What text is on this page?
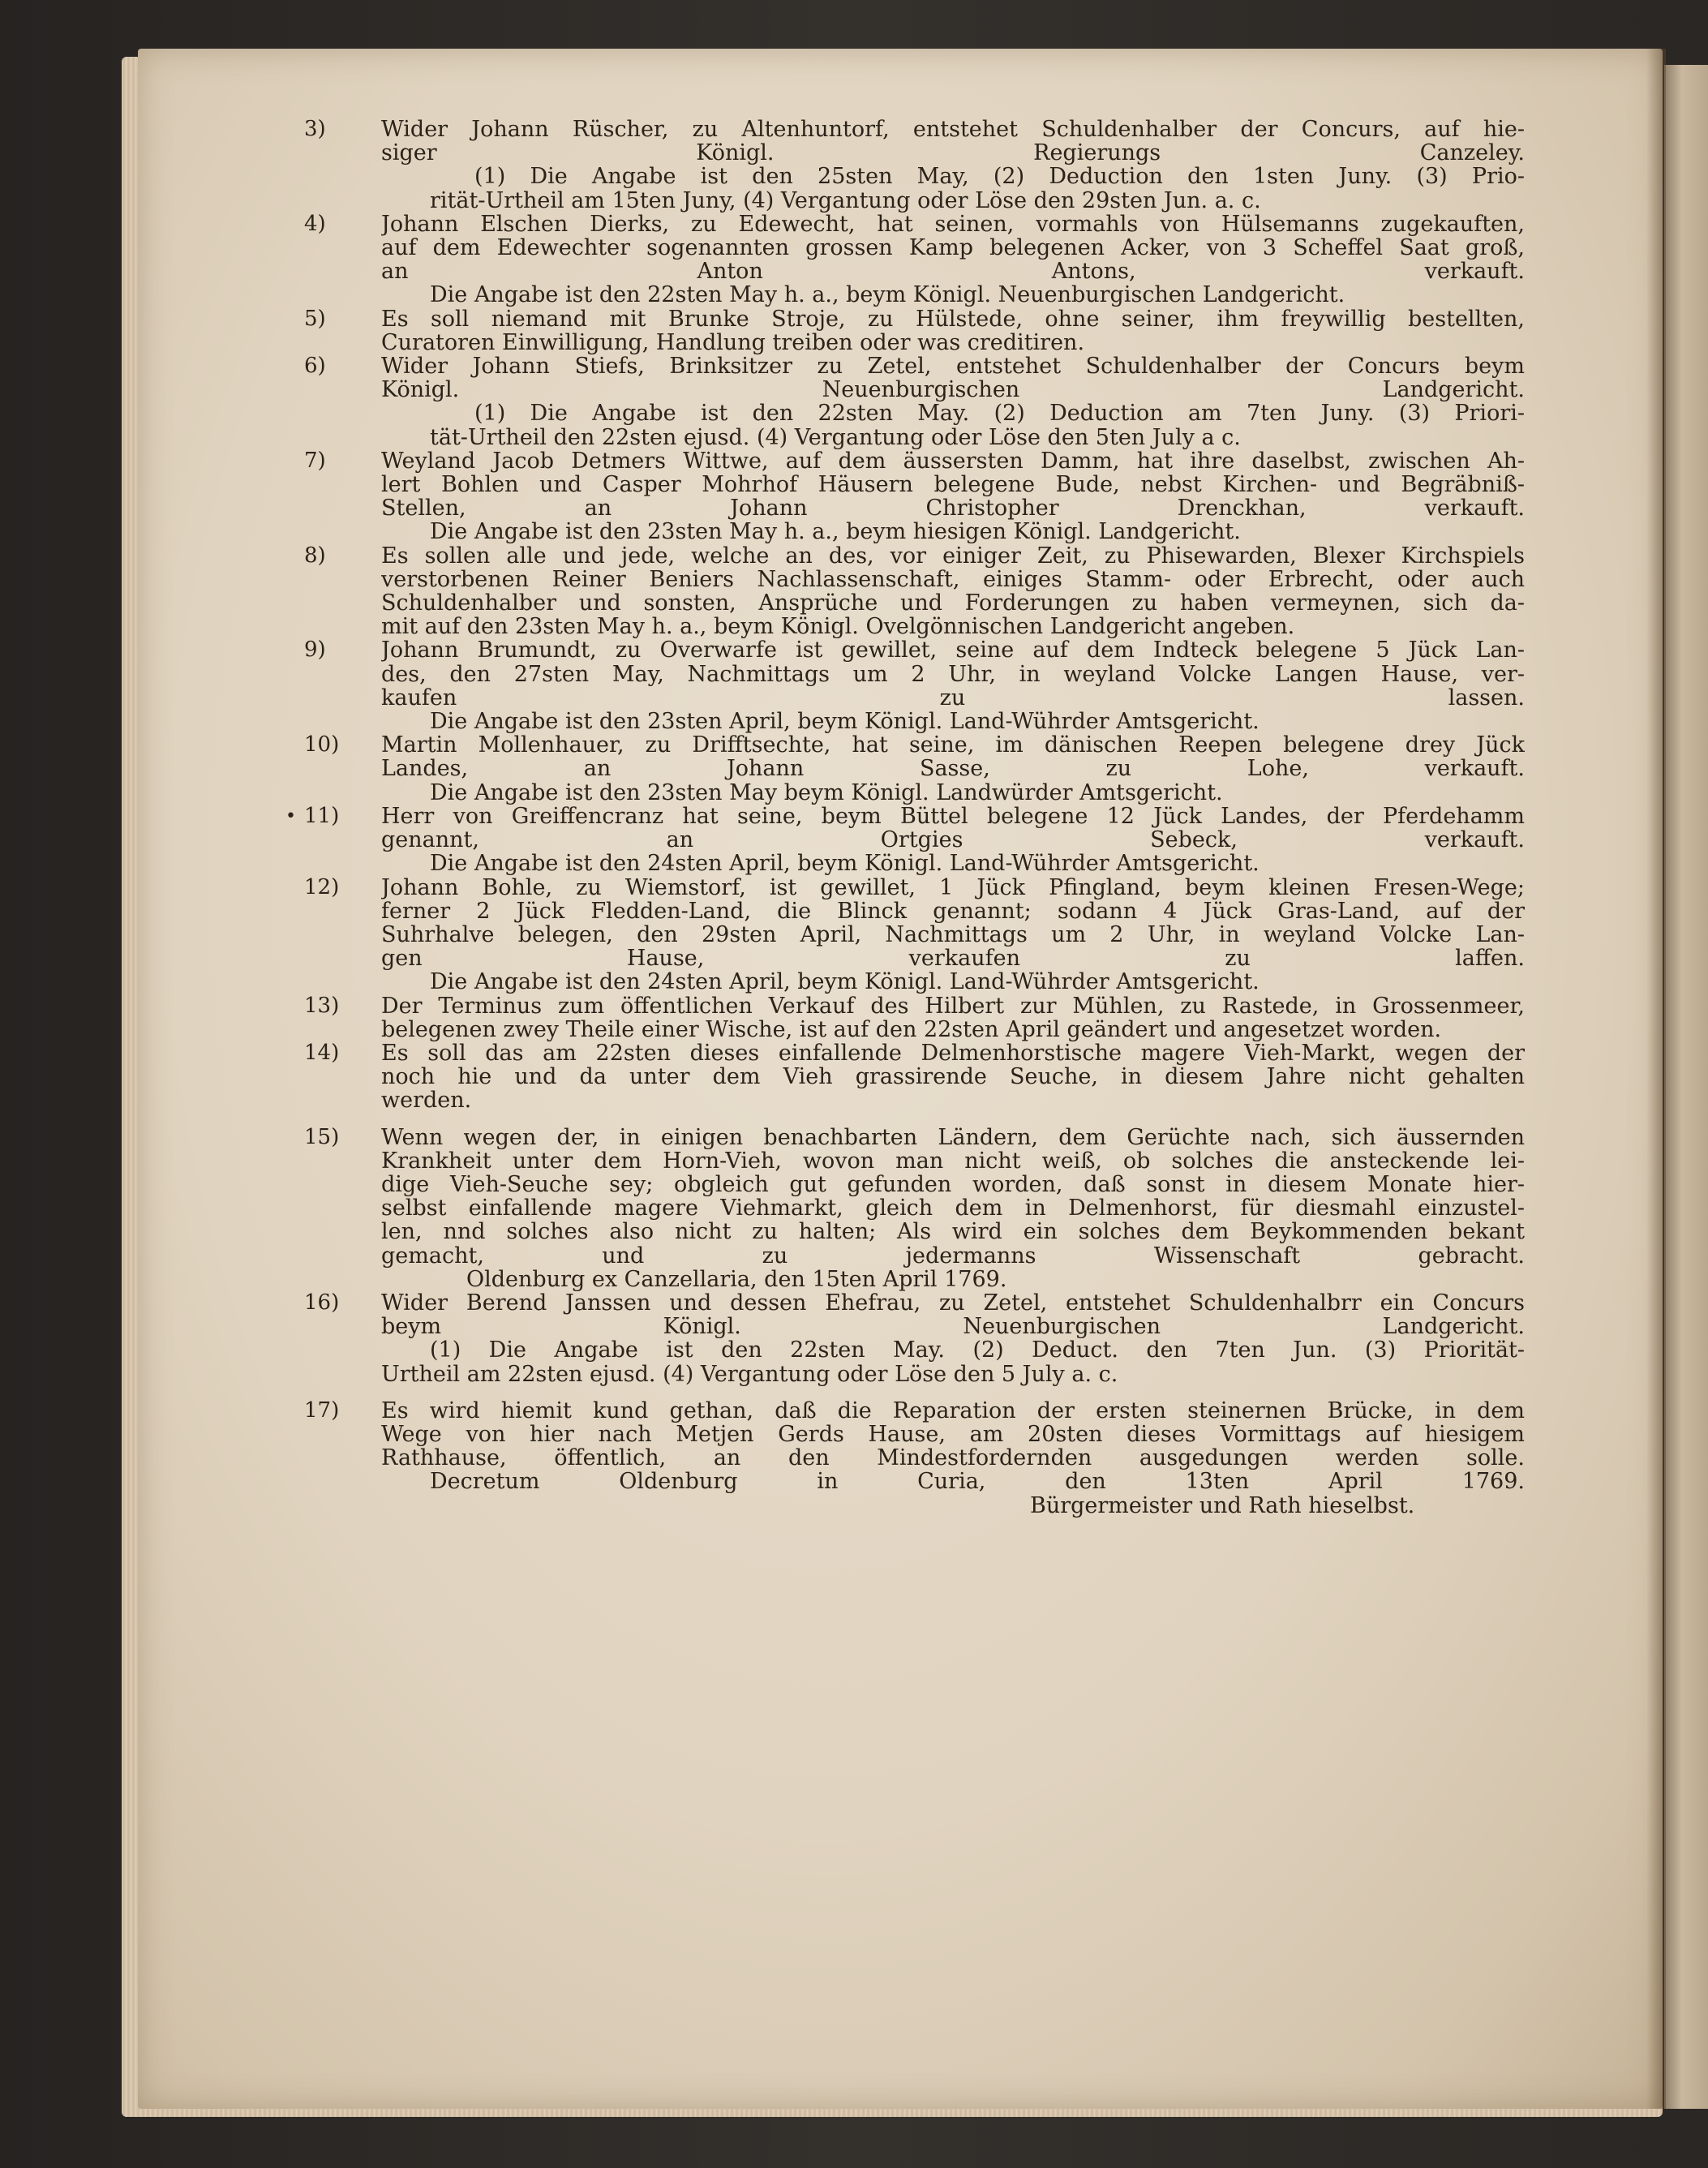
3)	Wider Johann Rüscher, zu Altenhuntorf, entstehet Schuldenhalber der Concurs, auf hie-
siger Königl. Regierungs Canzeley.
(1) Die Angabe ist den 25sten May, (2) Deduction den 1sten Juny. (3) Prio-
rität-Urtheil am 15ten Juny, (4) Vergantung oder Löse den 29sten Jun. a. c.
4)	Johann Elschen Dierks, zu Edewecht, hat seinen, vormahls von Hülsemanns zugekauften,
auf dem Edewechter sogenannten grossen Kamp belegenen Acker, von 3 Scheffel Saat groß,
an Anton Antons, verkauft.
Die Angabe ist den 22sten May h. a., beym Königl. Neuenburgischen Landgericht.
5)	Es soll niemand mit Brunke Stroje, zu Hülstede, ohne seiner, ihm freywillig bestellten,
Curatoren Einwilligung, Handlung treiben oder was creditiren.
6)	Wider Johann Stiefs, Brinksitzer zu Zetel, entstehet Schuldenhalber der Concurs beym
Königl. Neuenburgischen Landgericht.
(1) Die Angabe ist den 22sten May. (2) Deduction am 7ten Juny. (3) Priori-
tät-Urtheil den 22sten ejusd. (4) Vergantung oder Löse den 5ten July a c.
7)	Weyland Jacob Detmers Wittwe, auf dem äussersten Damm, hat ihre daselbst, zwischen Ah-
lert Bohlen und Casper Mohrhof Häusern belegene Bude, nebst Kirchen- und Begräbniß-
Stellen, an Johann Christopher Drenckhan, verkauft.
Die Angabe ist den 23sten May h. a., beym hiesigen Königl. Landgericht.
8)	Es sollen alle und jede, welche an des, vor einiger Zeit, zu Phisewarden, Blexer Kirchspiels
verstorbenen Reiner Beniers Nachlassenschaft, einiges Stamm- oder Erbrecht, oder auch
Schuldenhalber und sonsten, Ansprüche und Forderungen zu haben vermeynen, sich da-
mit auf den 23sten May h. a., beym Königl. Ovelgönnischen Landgericht angeben.
9)	Johann Brumundt, zu Overwarfe ist gewillet, seine auf dem Indteck belegene 5 Jück Lan-
des, den 27sten May, Nachmittags um 2 Uhr, in weyland Volcke Langen Hause, ver-
kaufen zu lassen.
Die Angabe ist den 23sten April, beym Königl. Land-Wührder Amtsgericht.
10)	Martin Mollenhauer, zu Drifftsechte, hat seine, im dänischen Reepen belegene drey Jück
Landes, an Johann Sasse, zu Lohe, verkauft.
Die Angabe ist den 23sten May beym Königl. Landwürder Amtsgericht.
11)
•	Herr von Greiffencranz hat seine, beym Büttel belegene 12 Jück Landes, der Pferdehamm
genannt, an Ortgies Sebeck, verkauft.
Die Angabe ist den 24sten April, beym Königl. Land-Wührder Amtsgericht.
12)	Johann Bohle, zu Wiemstorf, ist gewillet, 1 Jück Pfingland, beym kleinen Fresen-Wege;
ferner 2 Jück Fledden-Land, die Blinck genannt; sodann 4 Jück Gras-Land, auf der
Suhrhalve belegen, den 29sten April, Nachmittags um 2 Uhr, in weyland Volcke Lan-
gen Hause, verkaufen zu laffen.
Die Angabe ist den 24sten April, beym Königl. Land-Wührder Amtsgericht.
13)	Der Terminus zum öffentlichen Verkauf des Hilbert zur Mühlen, zu Rastede, in Grossenmeer,
belegenen zwey Theile einer Wische, ist auf den 22sten April geändert und angesetzet worden.
14)	Es soll das am 22sten dieses einfallende Delmenhorstische magere Vieh-Markt, wegen der
noch hie und da unter dem Vieh grassirende Seuche, in diesem Jahre nicht gehalten
werden.
15)	Wenn wegen der, in einigen benachbarten Ländern, dem Gerüchte nach, sich äussernden
Krankheit unter dem Horn-Vieh, wovon man nicht weiß, ob solches die ansteckende lei-
dige Vieh-Seuche sey; obgleich gut gefunden worden, daß sonst in diesem Monate hier-
selbst einfallende magere Viehmarkt, gleich dem in Delmenhorst, für diesmahl einzustel-
len, nnd solches also nicht zu halten; Als wird ein solches dem Beykommenden bekant
gemacht, und zu jedermanns Wissenschaft gebracht.
Oldenburg ex Canzellaria, den 15ten April 1769.
16)	Wider Berend Janssen und dessen Ehefrau, zu Zetel, entstehet Schuldenhalbrr ein Concurs
beym Königl. Neuenburgischen Landgericht.
(1) Die Angabe ist den 22sten May. (2) Deduct. den 7ten Jun. (3) Priorität-
Urtheil am 22sten ejusd. (4) Vergantung oder Löse den 5 July a. c.
17)	Es wird hiemit kund gethan, daß die Reparation der ersten steinernen Brücke, in dem
Wege von hier nach Metjen Gerds Hause, am 20sten dieses Vormittags auf hiesigem
Rathhause, öffentlich, an den Mindestfordernden ausgedungen werden solle.
Decretum Oldenburg in Curia, den 13ten April 1769.
Bürgermeister und Rath hieselbst.
